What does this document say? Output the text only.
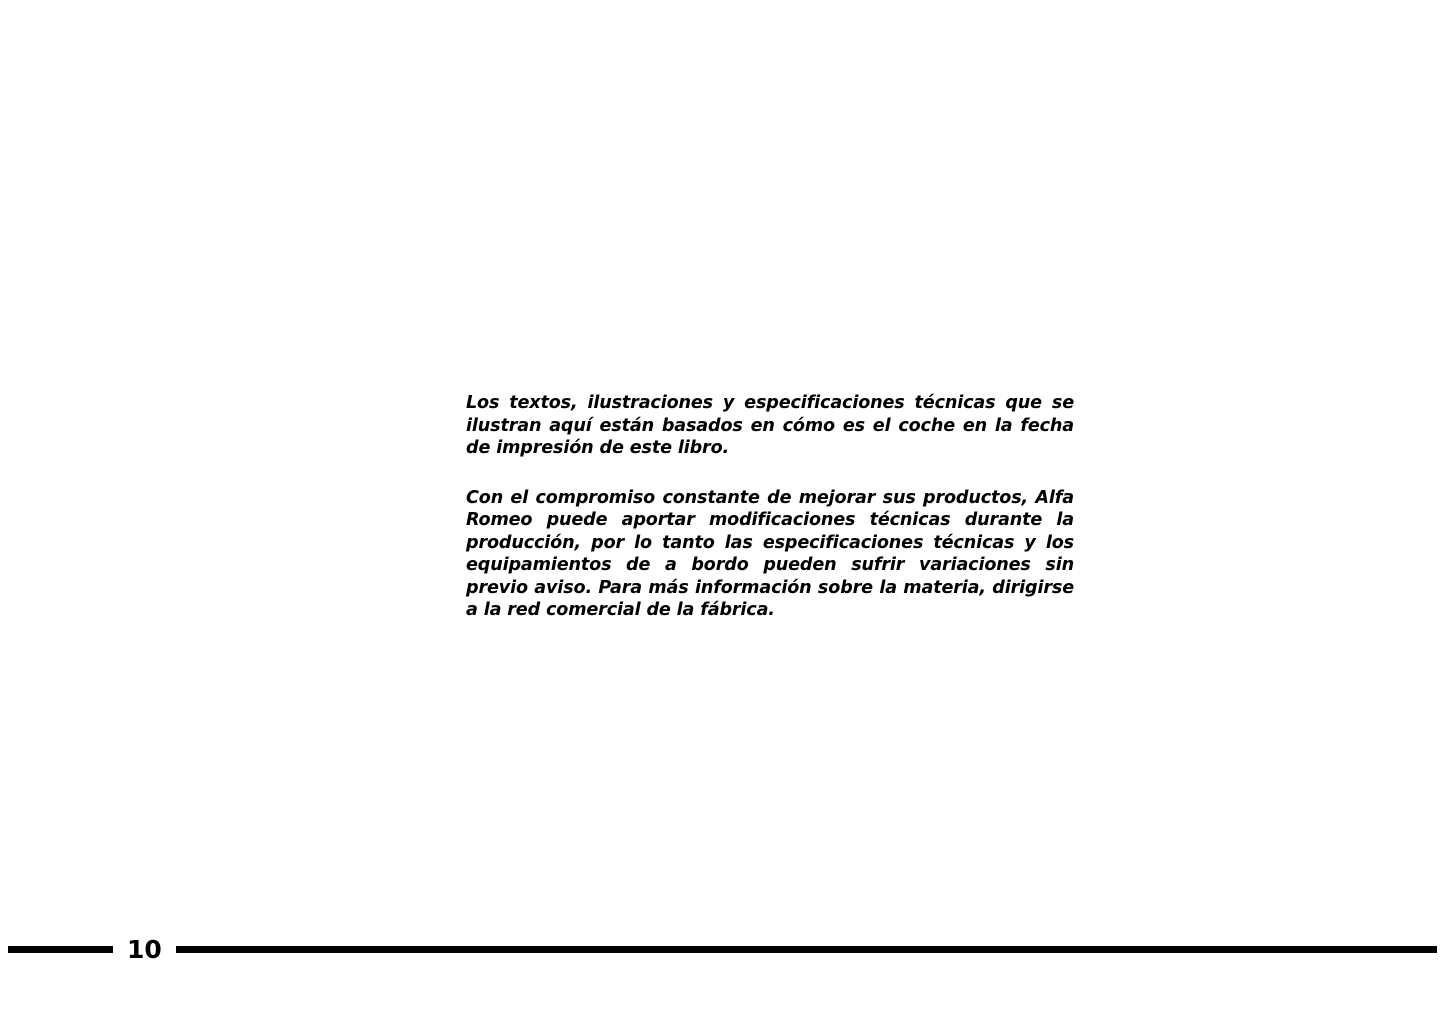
Los textos, ilustraciones y especificaciones técnicas que se ilustran aquí están basados en cómo es el coche en la fecha de impresión de este libro.

Con el compromiso constante de mejorar sus productos, Alfa Romeo puede aportar modificaciones técnicas durante la producción, por lo tanto las especificaciones técnicas y los equipamientos de a bordo pueden sufrir variaciones sin previo aviso. Para más información sobre la materia, dirigirse a la red comercial de la fábrica.

10
